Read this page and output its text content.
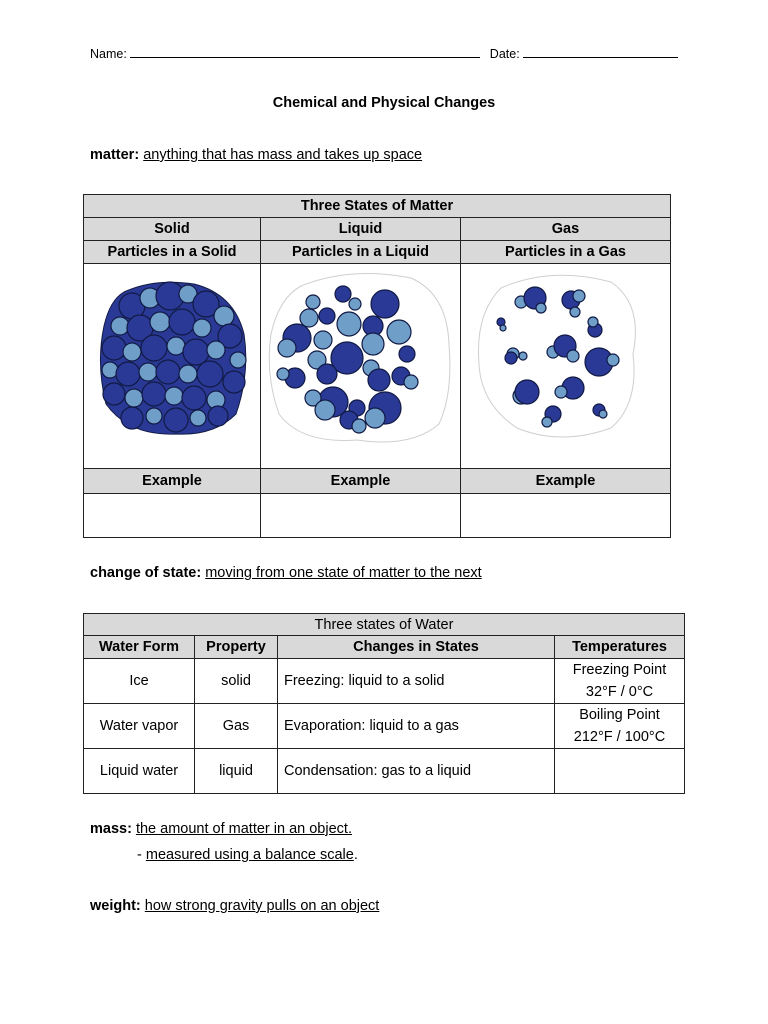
Name:	Date:
Chemical and Physical Changes
matter: anything that has mass and takes up space
Three States of Matter		
Solid	Liquid	Gas
Particles in a Solid	Particles in a Liquid	Particles in a Gas

Example	Example	Example

change of state: moving from one state of matter to the next
Three states of Water			
Water Form	Property	Changes in States	Temperatures
Ice	solid	Freezing: liquid to a solid	Freezing Point
32°F / 0°C

Water vapor	Gas	Evaporation: liquid to a gas	Boiling Point
212°F / 100°C

Liquid water	liquid	Condensation: gas to a liquid	
mass: the amount of matter in an object.
- measured using a balance scale.
weight: how strong gravity pulls on an object
